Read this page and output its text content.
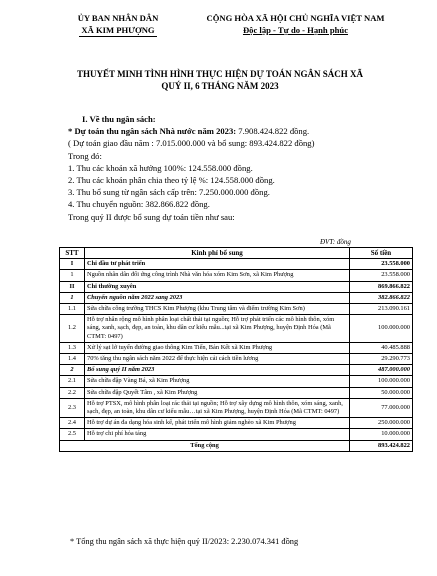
ỦY BAN NHÂN DÂN
XÃ KIM PHƯỢNG
CỘNG HÒA XÃ HỘI CHỦ NGHĨA VIỆT NAM
Độc lập - Tự do - Hạnh phúc
THUYẾT MINH TÌNH HÌNH THỰC HIỆN DỰ TOÁN NGÂN SÁCH XÃ
QUÝ II, 6 THÁNG NĂM 2023

I. Về thu ngân sách:

* Dự toán thu ngân sách Nhà nước năm 2023: 7.908.424.822 đồng.

( Dự toán giao đầu năm : 7.015.000.000 và bổ sung: 893.424.822 đồng)

Trong đó:

1. Thu các khoản xã hưởng 100%: 124.558.000 đồng.

2. Thu các khoản phân chia theo tỷ lệ %: 124.558.000 đồng.

3. Thu bổ sung từ ngân sách cấp trên: 7.250.000.000 đồng.

4. Thu chuyển nguồn: 382.866.822 đồng.

Trong quý II được bổ sung dự toán tiền như sau:

ĐVT: đồng
STT	Kinh phí bổ sung	Số tiền
I	Chi đầu tư phát triển	23.558.000
1	Nguồn nhân dân đối ứng công trình Nhà văn hóa xóm Kim Sơn, xã Kim Phượng	23.558.000
II	Chi thường xuyên	869.866.822
1	Chuyển nguồn năm 2022 sang 2023	382.866.822
1.1	Sửa chữa công trường THCS Kim Phượng (khu Trung tâm và điểm trường Kim Sơn)	213.090.161
1.2	Hỗ trợ nhân rộng mô hình phân loại chất thải tại nguồn; Hỗ trợ phát triển các mô hình thôn, xóm sáng, xanh, sạch, đẹp, an toàn, khu dân cư kiểu mẫu...tại xã Kim Phượng, huyện Định Hóa (Mã CTMT: 0497)	100.000.000
1.3	Xử lý sạt lở tuyến đường giao thông Kim Tiến, Bản Kết xã Kim Phượng	40.485.888
1.4	70% tăng thu ngân sách năm 2022 để thực hiện cải cách tiền lương	29.290.773
2	Bổ sung quý II năm 2023	487.000.000
2.1	Sửa chữa đập Vàng Bá, xã Kim Phượng	100.000.000
2.2	Sửa chữa đập Quyết Tâm , xã Kim Phượng	50.000.000
2.3	Hỗ trợ PTSX, mô hình phân loại rác thải tại nguồn; Hỗ trợ xây dựng mô hình thôn, xóm sáng, xanh, sạch, đẹp, an toàn, khu dân cư kiểu mẫu…tại xã Kim Phượng, huyện Định Hóa (Mã CTMT: 0497)	77.000.000
2.4	Hỗ trợ dự án đa dạng hóa sinh kế, phát triển mô hình giảm nghèo xã Kim Phượng	250.000.000
2.5	Hỗ trợ chi phí hỏa táng	10.000.000
Tổng cộng		893.424.822
* Tổng thu ngân sách xã thực hiện quý II/2023: 2.230.074.341 đồng
